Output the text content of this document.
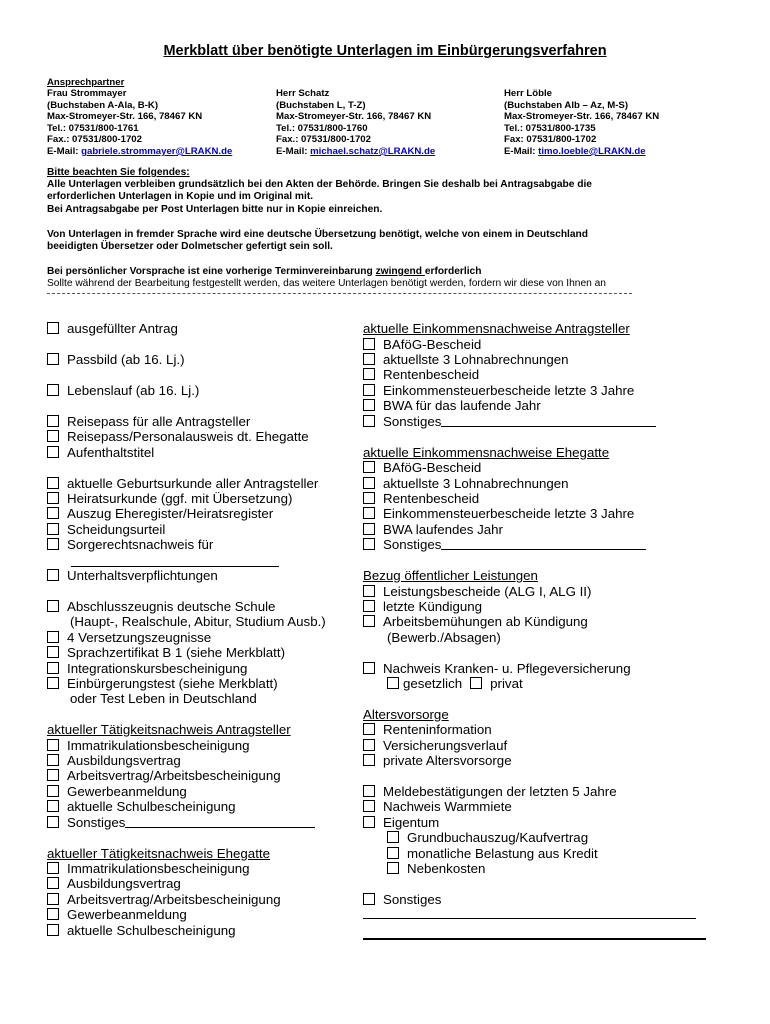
Merkblatt über benötigte Unterlagen im Einbürgerungsverfahren
Ansprechpartner
Frau Strommayer
(Buchstaben A-Ala, B-K)
Max-Stromeyer-Str. 166, 78467 KN
Tel.: 07531/800-1761
Fax.: 07531/800-1702
E-Mail: gabriele.strommayer@LRAKN.de
Herr Schatz
(Buchstaben L, T-Z)
Max-Stromeyer-Str. 166, 78467 KN
Tel.: 07531/800-1760
Fax.: 07531/800-1702
E-Mail: michael.schatz@LRAKN.de
Herr Löble
(Buchstaben Alb – Az, M-S)
Max-Stromeyer-Str. 166, 78467 KN
Tel.: 07531/800-1735
Fax: 07531/800-1702
E-Mail: timo.loeble@LRAKN.de
Bitte beachten Sie folgendes:
Alle Unterlagen verbleiben grundsätzlich bei den Akten der Behörde. Bringen Sie deshalb bei Antragsabgabe die
erforderlichen Unterlagen in Kopie und im Original mit.
Bei Antragsabgabe per Post Unterlagen bitte nur in Kopie einreichen.
Von Unterlagen in fremder Sprache wird eine deutsche Übersetzung benötigt, welche von einem in Deutschland
beeidigten Übersetzer oder Dolmetscher gefertigt sein soll.
Bei persönlicher Vorsprache ist eine vorherige Terminvereinbarung zwingend erforderlich
Sollte während der Bearbeitung festgestellt werden, das weitere Unterlagen benötigt werden, fordern wir diese von Ihnen an
ausgefüllter Antrag
Passbild (ab 16. Lj.)
Lebenslauf (ab 16. Lj.)
Reisepass für alle Antragsteller
Reisepass/Personalausweis dt. Ehegatte
Aufenthaltstitel
aktuelle Geburtsurkunde aller Antragsteller
Heiratsurkunde (ggf. mit Übersetzung)
Auszug Eheregister/Heiratsregister
Scheidungsurteil
Sorgerechtsnachweis für
Unterhaltsverpflichtungen
Abschlusszeugnis deutsche Schule
(Haupt-, Realschule, Abitur, Studium Ausb.)
4 Versetzungszeugnisse
Sprachzertifikat B 1 (siehe Merkblatt)
Integrationskursbescheinigung
Einbürgerungstest (siehe Merkblatt)
oder Test Leben in Deutschland
aktueller Tätigkeitsnachweis Antragsteller
Immatrikulationsbescheinigung
Ausbildungsvertrag
Arbeitsvertrag/Arbeitsbescheinigung
Gewerbeanmeldung
aktuelle Schulbescheinigung
Sonstiges
aktueller Tätigkeitsnachweis Ehegatte
Immatrikulationsbescheinigung
Ausbildungsvertrag
Arbeitsvertrag/Arbeitsbescheinigung
Gewerbeanmeldung
aktuelle Schulbescheinigung
aktuelle Einkommensnachweise Antragsteller
BAföG-Bescheid
aktuellste 3 Lohnabrechnungen
Rentenbescheid
Einkommensteuerbescheide letzte 3 Jahre
BWA für das laufende Jahr
Sonstiges
aktuelle Einkommensnachweise Ehegatte
BAföG-Bescheid
aktuellste 3 Lohnabrechnungen
Rentenbescheid
Einkommensteuerbescheide letzte 3 Jahre
BWA laufendes Jahr
Sonstiges
Bezug öffentlicher Leistungen
Leistungsbescheide (ALG I, ALG II)
letzte Kündigung
Arbeitsbemühungen ab Kündigung
(Bewerb./Absagen)
Nachweis Kranken- u. Pflegeversicherung
gesetzlich privat
Altersvorsorge
Renteninformation
Versicherungsverlauf
private Altersvorsorge
Meldebestätigungen der letzten 5 Jahre
Nachweis Warmmiete
Eigentum
Grundbuchauszug/Kaufvertrag
monatliche Belastung aus Kredit
Nebenkosten
Sonstiges
